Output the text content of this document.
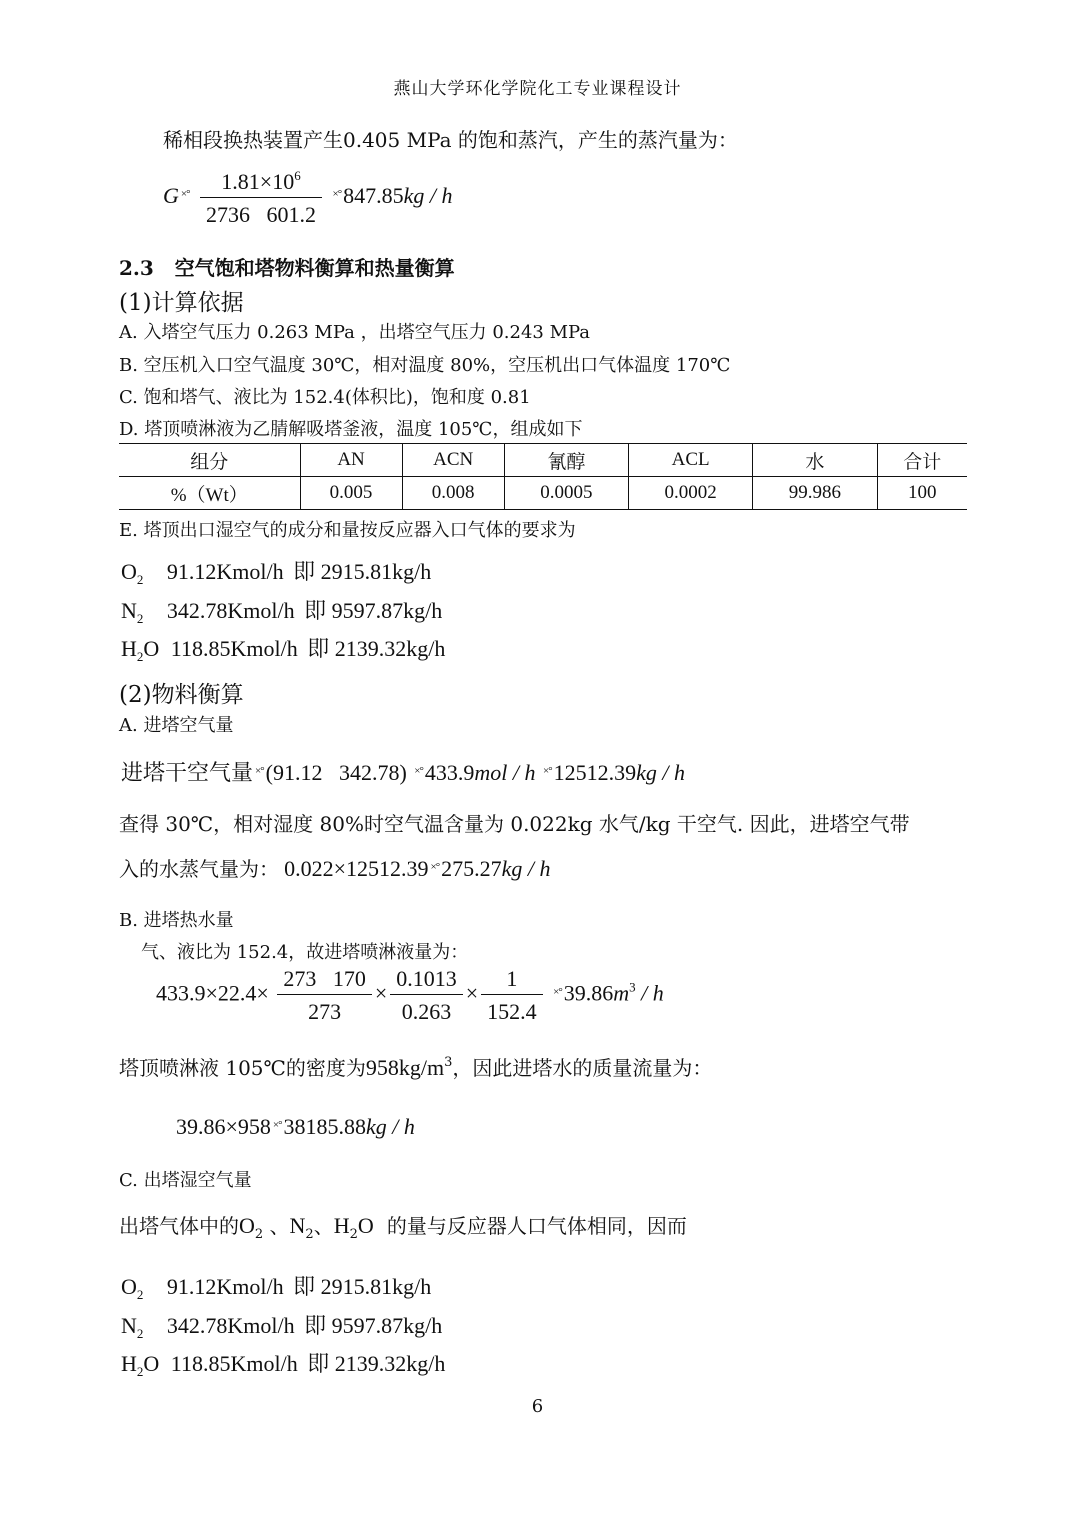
燕山大学环化学院化工专业课程设计
稀相段换热装置产生0.405 MPa 的饱和蒸汽，产生的蒸汽量为：
G $^{\times^\circ} \frac{1.81\times 10^6}{2736 601.2} ^{\times^\circ}847.85kg$ / h
2.3   空气饱和塔物料衡算和热量衡算
(1)计算依据
A. 入塔空气压力 0.263 MPa ，出塔空气压力 0.243 MPa
B. 空压机入口空气温度 30℃，相对温度 80%，空压机出口气体温度 170℃
C. 饱和塔气、液比为 152.4(体积比)，饱和度 0.81
D. 塔顶喷淋液为乙腈解吸塔釜液，温度 105℃，组成如下
组分	AN	ACN	氰醇	ACL	水	合计
%（Wt）	0.005	0.008	0.0005	0.0002	99.986	100
E. 塔顶出口湿空气的成分和量按反应器入口气体的要求为
$O_2$ 91.12Kmol/h 即 2915.81kg/h
$N_2$ 342.78Kmol/h 即 9597.87kg/h
$H_2O$ 118.85Kmol/h 即 2139.32kg/h
(2)物料衡算
A. 进塔空气量
进塔干空气量 ×°(91.12   342.78) ×°433.9mol / h ×°12512.39kg / h
查得 30℃，相对湿度 80%时空气温含量为 0.022kg 水气/kg 干空气. 因此，进塔空气带
入的水蒸气量为： 0.022×12512.39 ×°275.27kg / h
B. 进塔热水量
气、液比为 152.4，故进塔喷淋液量为：
$433.9\times 22.4\times \frac{273 170}{273} \times \frac{0.1013}{0.263} \times \frac{1}{152.4} ^{\times^\circ}39.86m^3 / h$
塔顶喷淋液 105℃的密度为$958kg/m^3$，因此进塔水的质量流量为：
39.86×958 ×°38185.88kg / h
C. 出塔湿空气量
出塔气体中的$O_2$ 、$N_2$、$H_2O$ 的量与反应器人口气体相同，因而
$O_2$ 91.12Kmol/h 即 2915.81kg/h
$N_2$ 342.78Kmol/h 即 9597.87kg/h
$H_2O$ 118.85Kmol/h 即 2139.32kg/h
6
